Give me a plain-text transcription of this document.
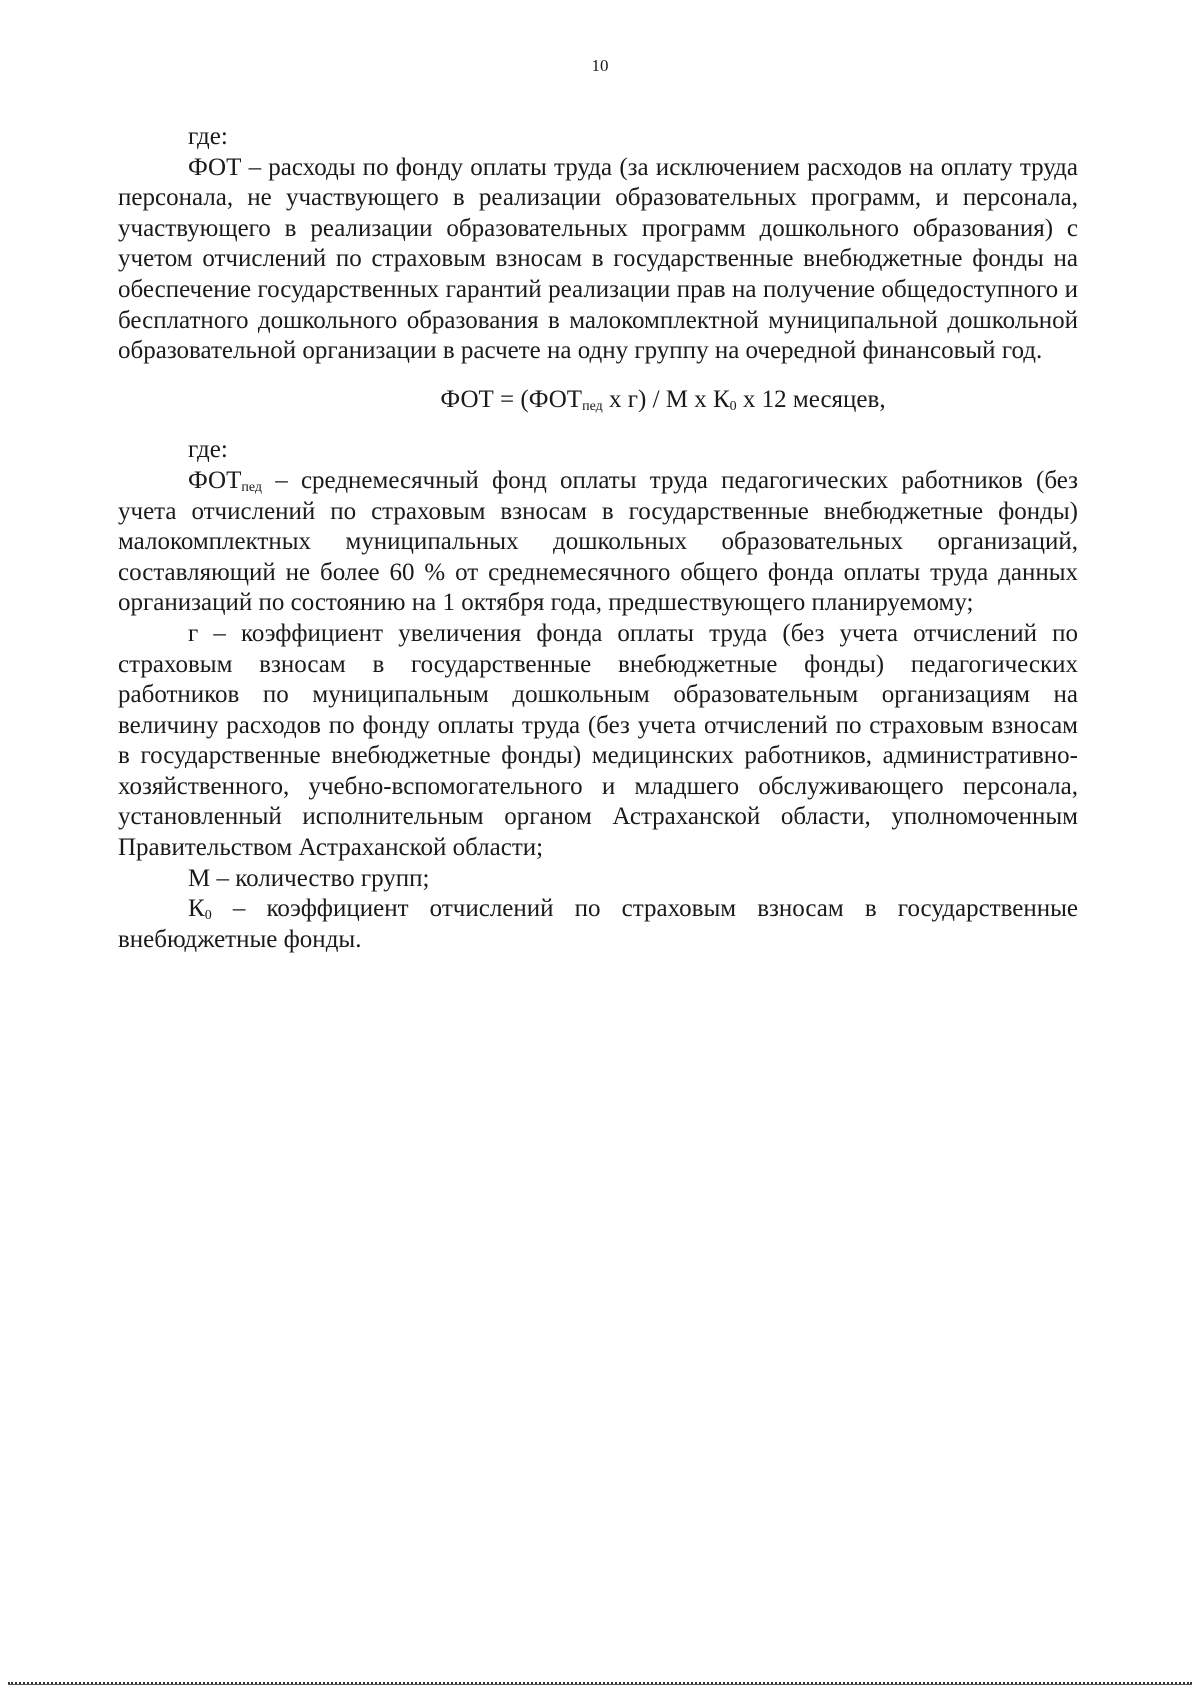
10

где:

ФОТ – расходы по фонду оплаты труда (за исключением расходов на оплату труда персонала, не участвующего в реализации образовательных программ, и персонала, участвующего в реализации образовательных программ дошкольного образования) с учетом отчислений по страховым взносам в государственные внебюджетные фонды на обеспечение государственных гарантий реализации прав на получение общедоступного и бесплатного дошкольного образования в малокомплектной муниципальной дошкольной образовательной организации в расчете на одну группу на очередной финансовый год.

ФОТ = ($ФОТ_{пед}$ х г) / М х $К_0$ х 12 месяцев,

где:

$ФОТ_{пед}$ – среднемесячный фонд оплаты труда педагогических работников (без учета отчислений по страховым взносам в государственные внебюджетные фонды) малокомплектных муниципальных дошкольных образовательных организаций, составляющий не более 60 % от среднемесячного общего фонда оплаты труда данных организаций по состоянию на 1 октября года, предшествующего планируемому;

г – коэффициент увеличения фонда оплаты труда (без учета отчислений по страховым взносам в государственные внебюджетные фонды) педагогических работников по муниципальным дошкольным образовательным организациям на величину расходов по фонду оплаты труда (без учета отчислений по страховым взносам в государственные внебюджетные фонды) медицинских работников, административно-хозяйственного, учебно-вспомогательного и младшего обслуживающего персонала, установленный исполнительным органом Астраханской области, уполномоченным Правительством Астраханской области;

М – количество групп;

$К_0$ – коэффициент отчислений по страховым взносам в государственные внебюджетные фонды.
